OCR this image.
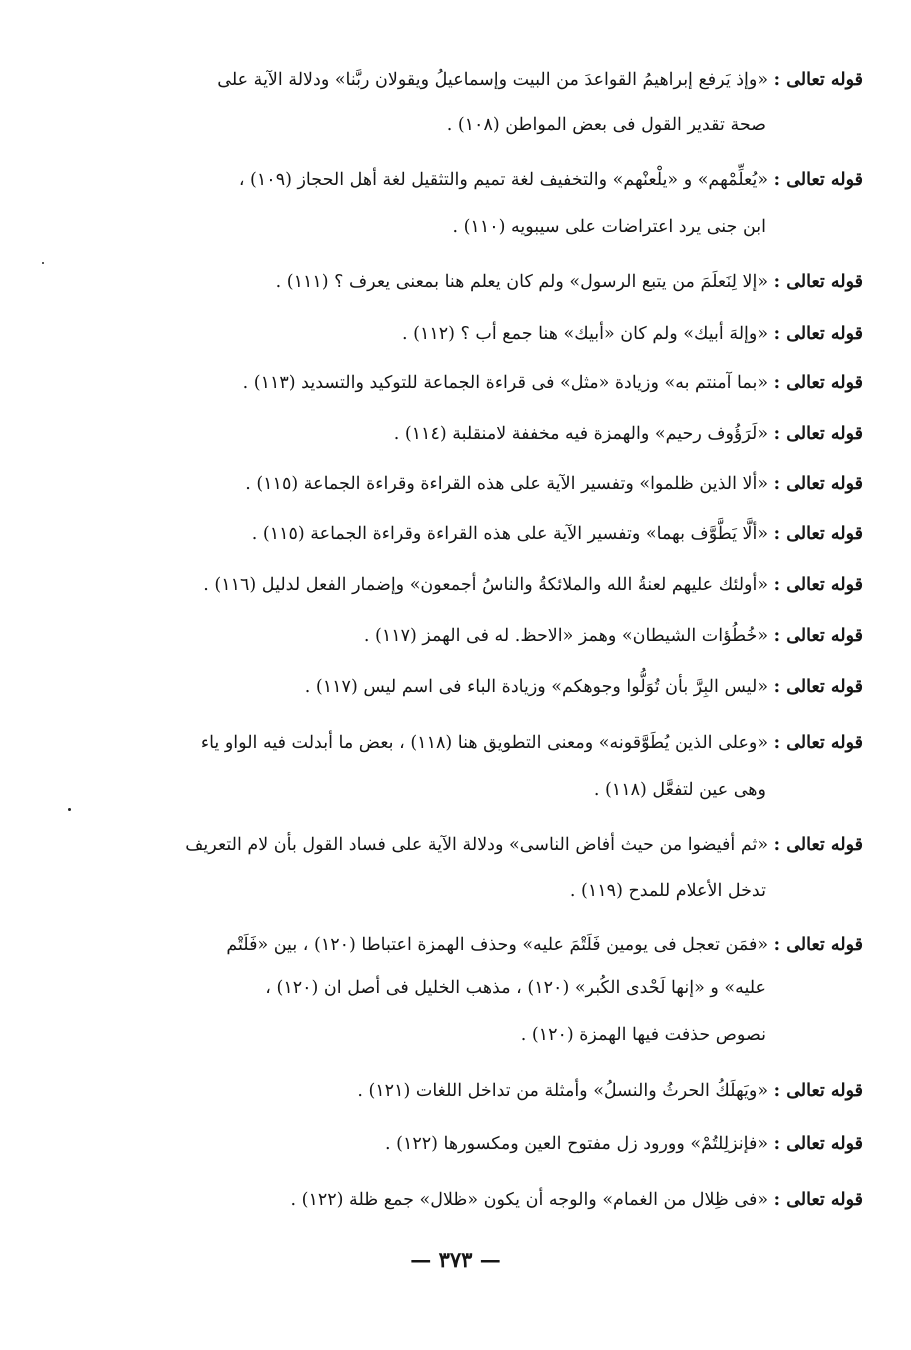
قوله تعالى : «وإذ يَرفع إبراهيمُ القواعدَ من البيت وإسماعيلُ ويقولان ربَّنا» ودلالة الآية على
صحة تقدير القول فى بعض المواطن (١٠٨) .
قوله تعالى : «يُعلِّمْهم» و «يلْعنْهم» والتخفيف لغة تميم والتثقيل لغة أهل الحجاز (١٠٩) ،
ابن جنى يرد اعتراضات على سيبويه (١١٠) .
قوله تعالى : «إلا لِنَعلَمَ من يتبع الرسول» ولم كان يعلم هنا بمعنى يعرف ؟ (١١١) .
قوله تعالى : «وإلهَ أبيك» ولم كان «أبيك» هنا جمع أب ؟ (١١٢) .
قوله تعالى : «بما آمنتم به» وزيادة «مثل» فى قراءة الجماعة للتوكيد والتسديد (١١٣) .
قوله تعالى : «لَرَؤُوف رحيم» والهمزة فيه مخففة لامنقلبة (١١٤) .
قوله تعالى : «ألا الذين ظلموا» وتفسير الآية على هذه القراءة وقراءة الجماعة (١١٥) .
قوله تعالى : «ألَّا يَطَّوَّف بهما» وتفسير الآية على هذه القراءة وقراءة الجماعة (١١٥) .
قوله تعالى : «أولئك عليهم لعنةُ الله والملائكةُ والناسُ أجمعون» وإضمار الفعل لدليل (١١٦) .
قوله تعالى : «خُطُؤات الشيطان» وهمز «الاحظ. له فى الهمز (١١٧) .
قوله تعالى : «ليس البِرَّ بأن تُوَلُّوا وجوهكم» وزيادة الباء فى اسم ليس (١١٧) .
قوله تعالى : «وعلى الذين يُطَوَّقونه» ومعنى التطويق هنا (١١٨) ، بعض ما أبدلت فيه الواو ياء
وهى عين لتفعَّل (١١٨) .
قوله تعالى : «ثم أفيضوا من حيث أفاض الناسى» ودلالة الآية على فساد القول بأن لام التعريف
تدخل الأعلام للمدح (١١٩) .
قوله تعالى : «فمَن تعجل فى يومين فَلَتْمَ عليه» وحذف الهمزة اعتباطا (١٢٠) ، بين «فَلَتْم
عليه» و «إنها لَحْدى الكُبر» (١٢٠) ، مذهب الخليل فى أصل ان (١٢٠) ،
نصوص حذفت فيها الهمزة (١٢٠) .
قوله تعالى : «ويَهلَكُ الحرثُ والنسلُ» وأمثلة من تداخل اللغات (١٢١) .
قوله تعالى : «فإنزلِلتُمْ» وورود زل مفتوح العين ومكسورها (١٢٢) .
قوله تعالى : «فى ظِلال من الغمام» والوجه أن يكون «ظلال» جمع ظلة (١٢٢) .
— ٣٧٣ —
